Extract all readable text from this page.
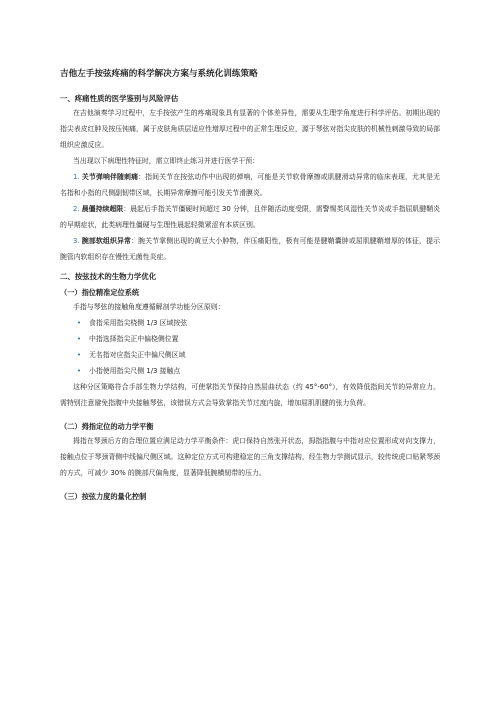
吉他左手按弦疼痛的科学解决方案与系统化训练策略
一、疼痛性质的医学鉴别与风险评估

在吉他演奏学习过程中，左手按弦产生的疼痛现象具有显著的个体差异性，需要从生理学角度进行科学评估。初期出现的指尖表皮红肿及按压钝痛，属于皮肤角质层适应性增厚过程中的正常生理反应，源于琴弦对指尖皮肤的机械性刺激导致的局部组织应激反应。

当出现以下病理性特征时，需立即终止练习并进行医学干预：

1. 关节弹响伴随刺痛：指间关节在按弦动作中出现的弹响，可能是关节软骨摩擦或肌腱滑动异常的临床表现，尤其是无名指和小指的尺侧副韧带区域，长期异常摩擦可能引发关节滑膜炎。

2. 晨僵持续超限：晨起后手指关节僵硬时间超过 30 分钟，且伴随活动度受限，需警惕类风湿性关节炎或手指屈肌腱鞘炎的早期症状，此类病理性僵硬与生理性晨起轻微紧涩有本质区别。

3. 腕部软组织异常：腕关节掌侧出现的黄豆大小肿物，伴压痛阳性，极有可能是腱鞘囊肿或屈肌腱鞘增厚的体征，提示腕管内软组织存在慢性无菌性炎症。

二、按弦技术的生物力学优化
（一）指位精准定位系统

手指与琴弦的接触角度遵循解剖学功能分区原则：

• 食指采用指尖桡侧 1/3 区域按弦
• 中指选择指尖正中偏桡侧位置
• 无名指对应指尖正中偏尺侧区域
• 小指使用指尖尺侧 1/3 接触点

这种分区策略符合手部生物力学结构，可使掌指关节保持自然屈曲状态（约 45°-60°），有效降低指间关节的异常应力。需特别注意避免指腹中央接触琴弦，该错误方式会导致掌指关节过度内旋，增加屈肌肌腱的张力负荷。

（二）拇指定位的动力学平衡

拇指在琴颈后方的合理位置应满足动力学平衡条件：虎口保持自然张开状态，拇指指腹与中指对应位置形成对向支撑力，接触点位于琴颈背侧中线偏尺侧区域。这种定位方式可构建稳定的三角支撑结构，经生物力学测试显示，较传统虎口贴紧琴颈的方式，可减少 30% 的腕部尺偏角度，显著降低腕横韧带的压力。

（三）按弦力度的量化控制
